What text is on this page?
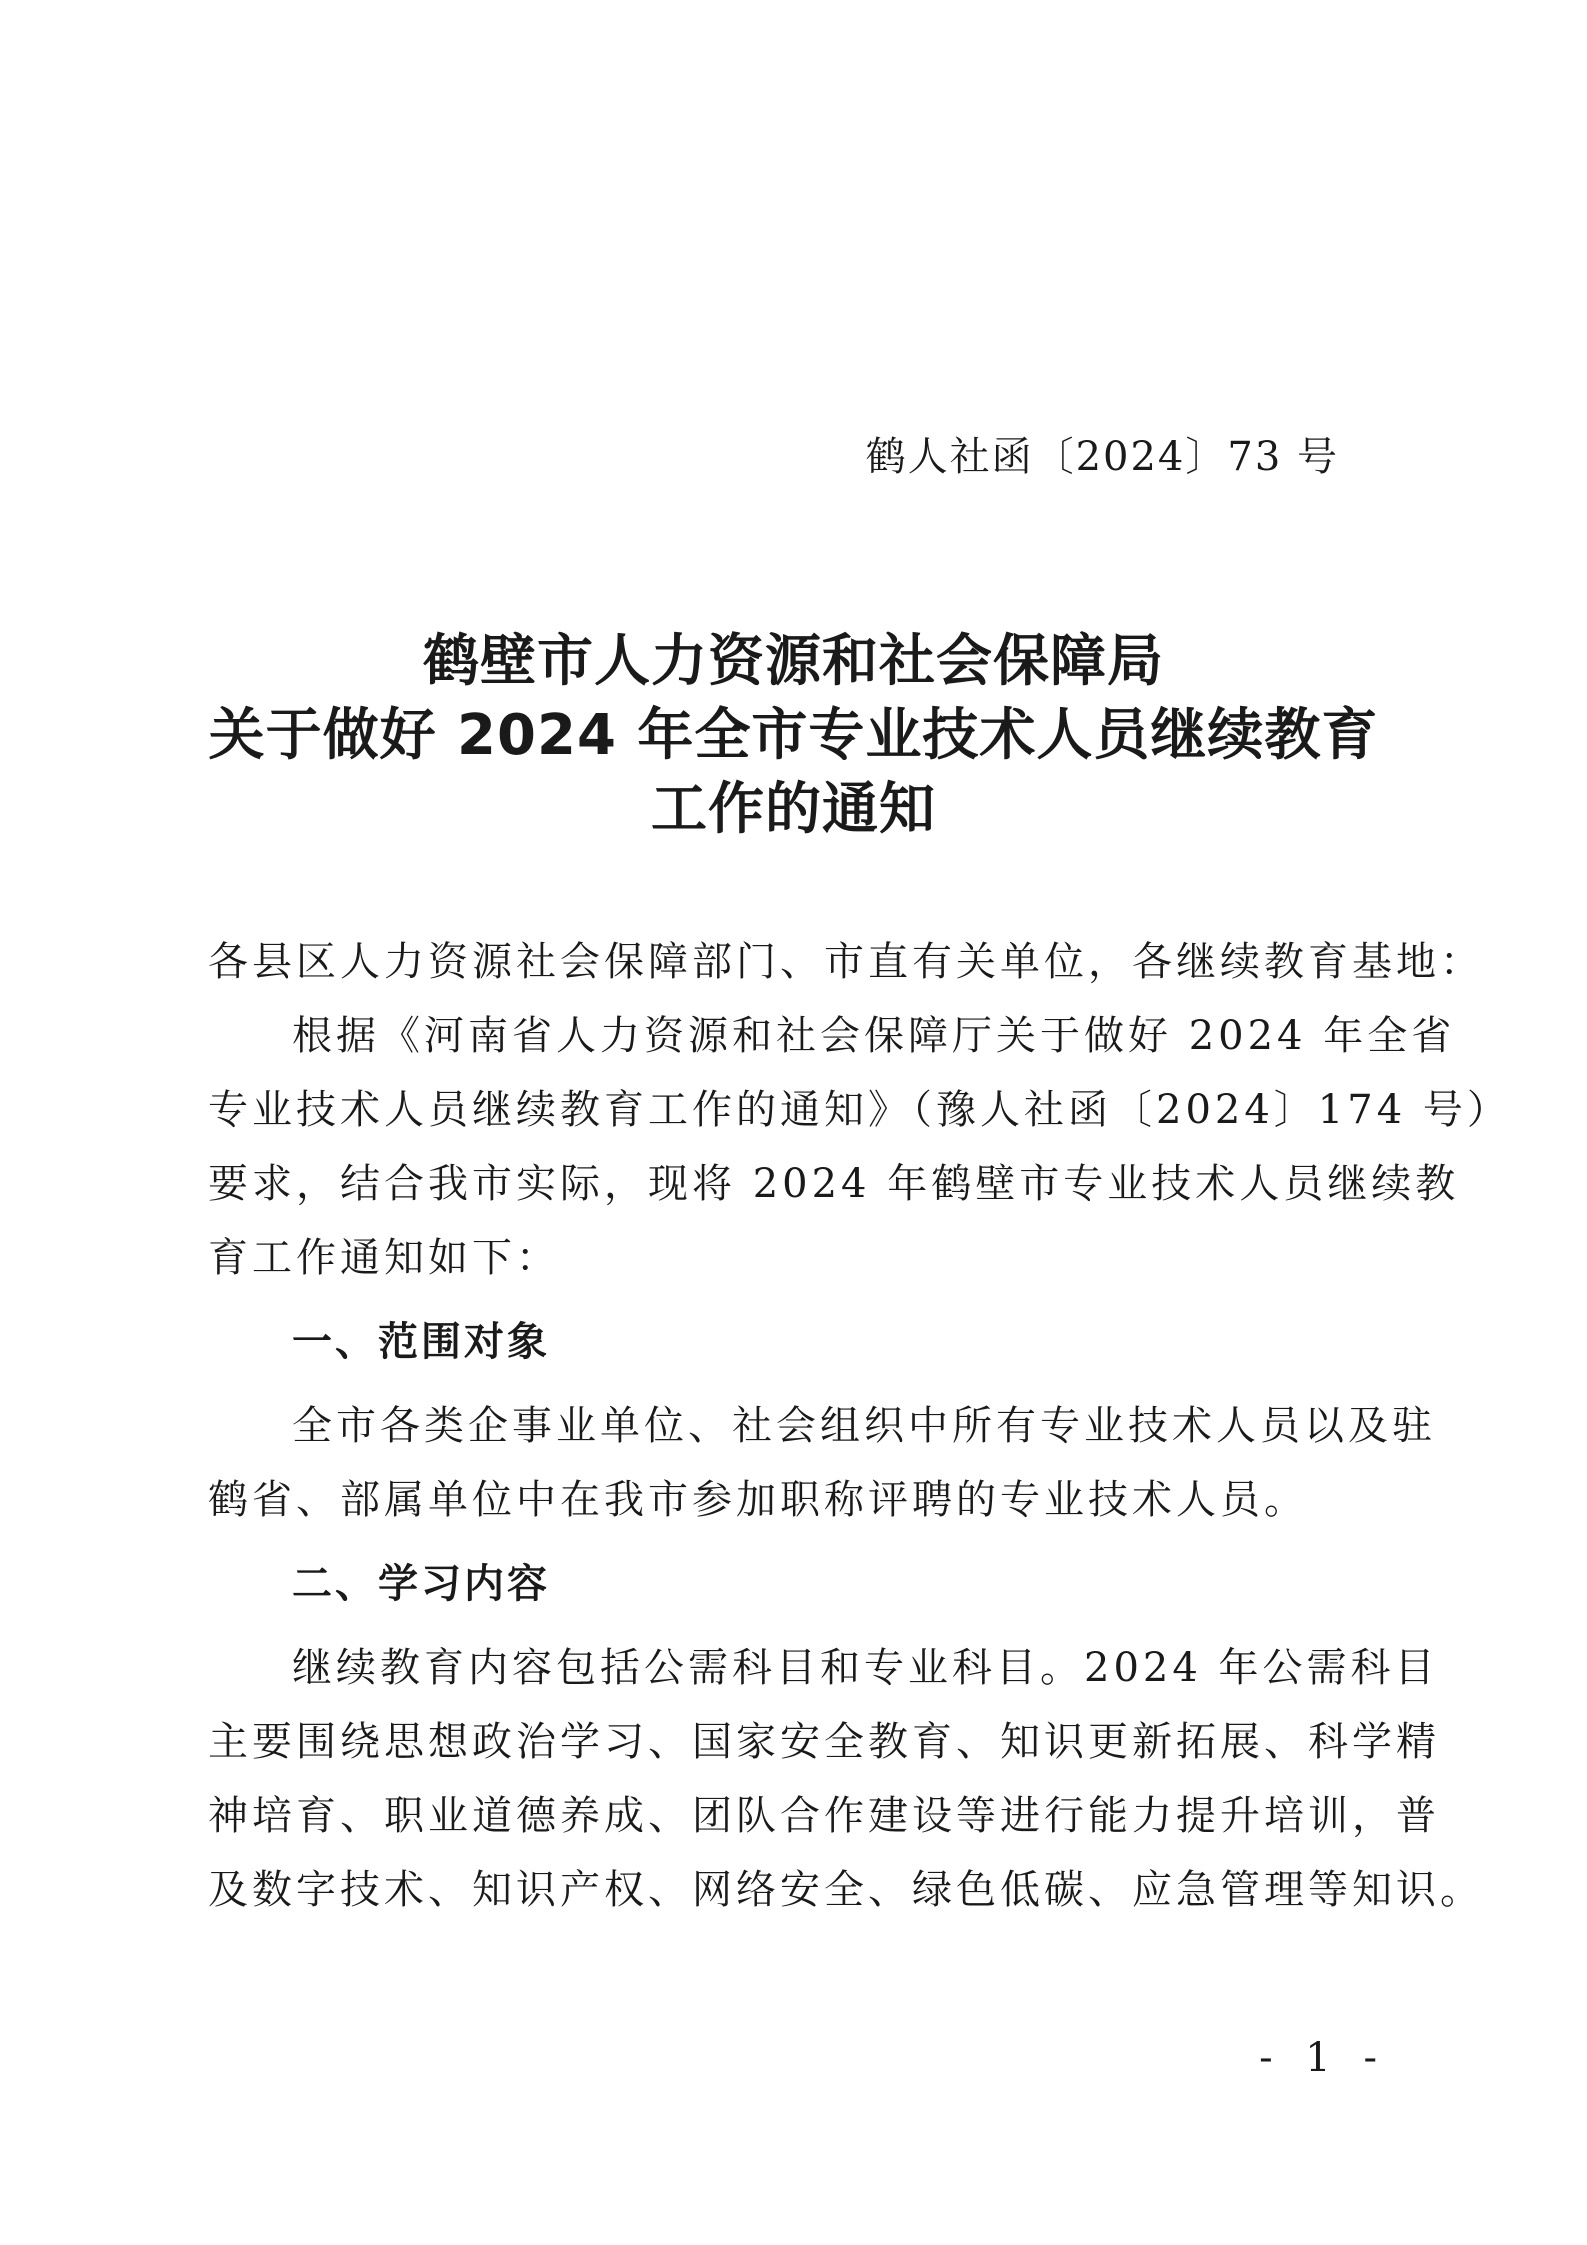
鹤人社函〔2024〕73 号
鹤壁市人力资源和社会保障局
关于做好 2024 年全市专业技术人员继续教育
工作的通知
各县区人力资源社会保障部门、市直有关单位，各继续教育基地：
根据《河南省人力资源和社会保障厅关于做好 2024 年全省
专业技术人员继续教育工作的通知》（豫人社函〔2024〕174 号）
要求，结合我市实际，现将 2024 年鹤壁市专业技术人员继续教
育工作通知如下：
一、范围对象
全市各类企事业单位、社会组织中所有专业技术人员以及驻
鹤省、部属单位中在我市参加职称评聘的专业技术人员。
二、学习内容
继续教育内容包括公需科目和专业科目。2024 年公需科目
主要围绕思想政治学习、国家安全教育、知识更新拓展、科学精
神培育、职业道德养成、团队合作建设等进行能力提升培训，普
及数字技术、知识产权、网络安全、绿色低碳、应急管理等知识。
- 1 -
